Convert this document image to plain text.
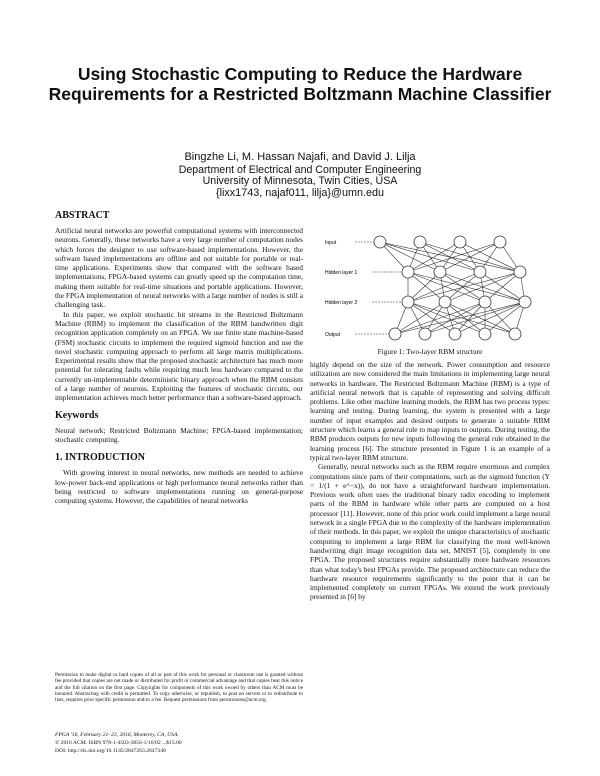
Using Stochastic Computing to Reduce the Hardware Requirements for a Restricted Boltzmann Machine Classifier
Bingzhe Li, M. Hassan Najafi, and David J. Lilja
Department of Electrical and Computer Engineering
University of Minnesota, Twin Cities, USA
{lixx1743, najaf011, lilja}@umn.edu
ABSTRACT

Artificial neural networks are powerful computational systems with interconnected neurons. Generally, these networks have a very large number of computation nodes which forces the designer to use software-based implementations. However, the software based implementations are offline and not suitable for portable or real-time applications. Experiments show that compared with the software based implementations, FPGA-based systems can greatly speed up the computation time, making them suitable for real-time situations and portable applications. However, the FPGA implementation of neural networks with a large number of nodes is still a challenging task.

In this paper, we exploit stochastic bit streams in the Restricted Boltzmann Machine (RBM) to implement the classification of the RBM handwritten digit recognition application completely on an FPGA. We use finite state machine-based (FSM) stochastic circuits to implement the required sigmoid function and use the novel stochastic computing approach to perform all large matrix multiplications. Experimental results show that the proposed stochastic architecture has much more potential for tolerating faults while requiring much less hardware compared to the currently un-implementable deterministic binary approach when the RBM consists of a large number of neurons. Exploiting the features of stochastic circuits, our implementation achieves much better performance than a software-based approach.

Keywords

Neural network; Restricted Boltzmann Machine; FPGA-based implementation; stochastic computing.

1. INTRODUCTION

With growing interest in neural networks, new methods are needed to achieve low-power back-end applications or high performance neural networks rather than being restricted to software implementations running on general-purpose computing systems. However, the capabilities of neural networks

Permission to make digital or hard copies of all or part of this work for personal or classroom use is granted without fee provided that copies are not made or distributed for profit or commercial advantage and that copies bear this notice and the full citation on the first page. Copyrights for components of this work owned by others than ACM must be honored. Abstracting with credit is permitted. To copy otherwise, or republish, to post on servers or to redistribute to lists, requires prior specific permission and/or a fee. Request permissions from permissions@acm.org.
FPGA '16, February 21–23, 2016, Monterey, CA, USA.
© 2016 ACM. ISBN 978-1-4503-3856-1/16/02 ...$15.00
DOI: http://dx.doi.org/10.1145/2847263.2847340
Input
Hidden layer 1
Hidden layer 2
Output
Figure 1: Two-layer RBM structure

highly depend on the size of the network. Power consumption and resource utilization are now considered the main limitations in implementing large neural networks in hardware. The Restricted Boltzmann Machine (RBM) is a type of artificial neural network that is capable of representing and solving difficult problems. Like other machine learning models, the RBM has two process types: learning and testing. During learning, the system is presented with a large number of input examples and desired outputs to generate a suitable RBM structure which learns a general rule to map inputs to outputs. During testing, the RBM produces outputs for new inputs following the general rule obtained in the learning process [6]. The structure presented in Figure 1 is an example of a typical two-layer RBM structure.

Generally, neural networks such as the RBM require enormous and complex computations since parts of their computations, such as the sigmoid function (Y = 1/(1 + e^−x)), do not have a straightforward hardware implementation. Previous work often uses the traditional binary radix encoding to implement parts of the RBM in hardware while other parts are computed on a host processor [11]. However, none of this prior work could implement a large neural network in a single FPGA due to the complexity of the hardware implementation of their methods. In this paper, we exploit the unique characteristics of stochastic computing to implement a large RBM for classifying the most well-known handwriting digit image recognition data set, MNIST [5], completely in one FPGA. The proposed structures require substantially more hardware resources than what today's best FPGAs provide. The proposed architecture can reduce the hardware resource requirements significantly to the point that it can be implemented completely on current FPGAs. We extend the work previously presented in [6] by
